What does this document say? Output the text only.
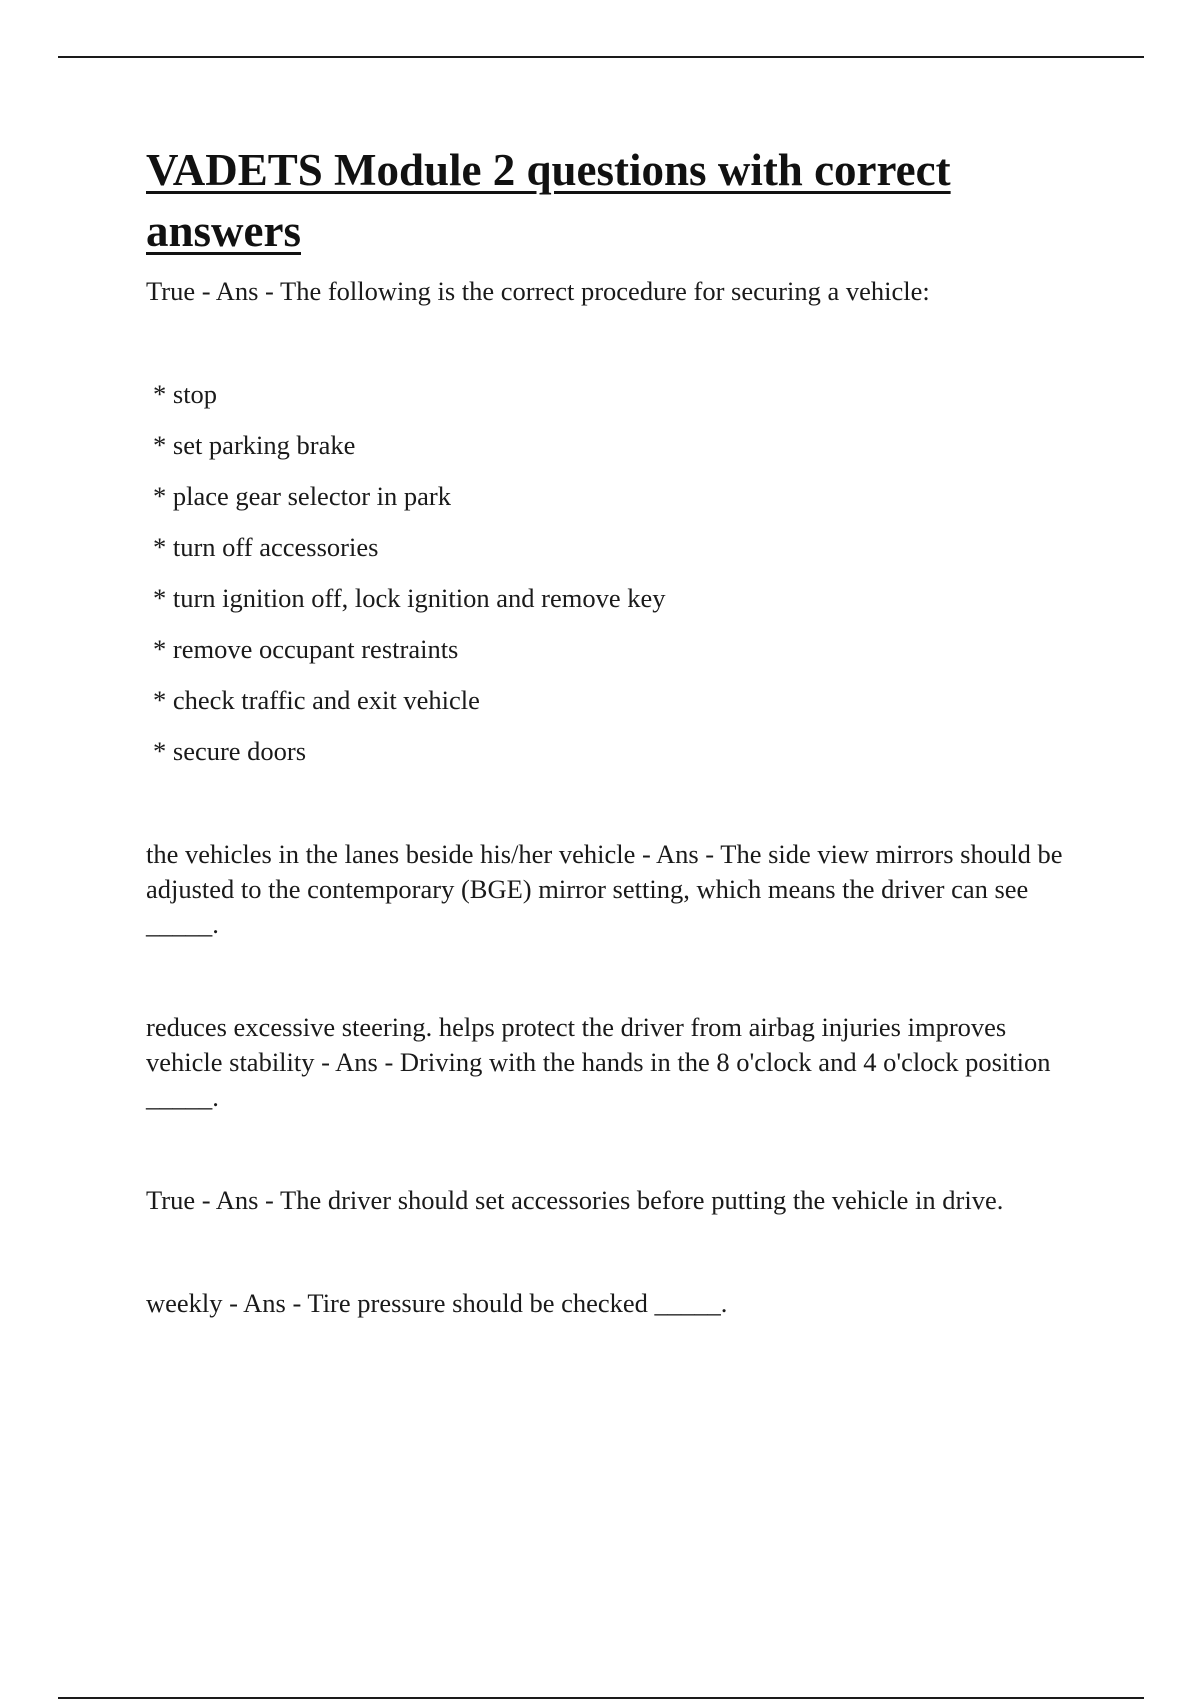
VADETS Module 2 questions with correct answers

True - Ans - The following is the correct procedure for securing a vehicle:

* stop
* set parking brake
* place gear selector in park
* turn off accessories
* turn ignition off, lock ignition and remove key
* remove occupant restraints
* check traffic and exit vehicle
* secure doors

the vehicles in the lanes beside his/her vehicle - Ans - The side view mirrors should be adjusted to the contemporary (BGE) mirror setting, which means the driver can see _____.

reduces excessive steering. helps protect the driver from airbag injuries improves vehicle stability - Ans - Driving with the hands in the 8 o'clock and 4 o'clock position _____.

True - Ans - The driver should set accessories before putting the vehicle in drive.

weekly - Ans - Tire pressure should be checked _____.
